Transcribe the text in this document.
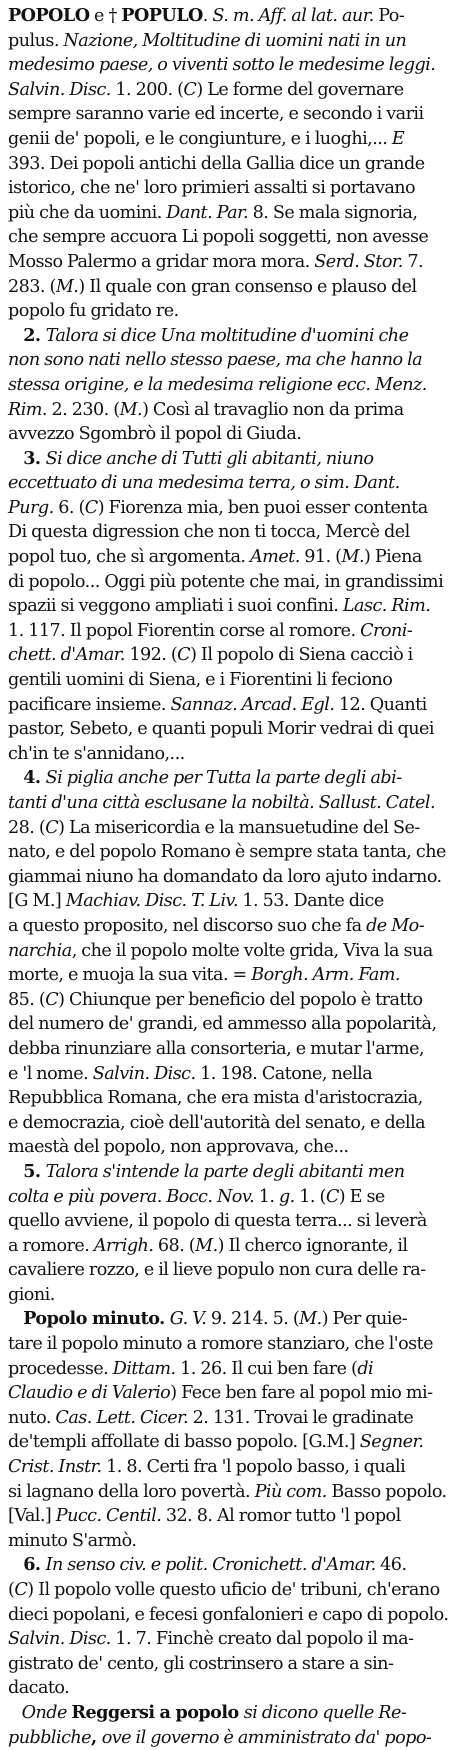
POPOLO e † POPULO. S. m. Aff. al lat. aur. Po-
pulus. Nazione, Moltitudine di uomini nati in un
medesimo paese, o viventi sotto le medesime leggi.
Salvin. Disc. 1. 200. (C) Le forme del governare
sempre saranno varie ed incerte, e secondo i varii
genii de' popoli, e le congiunture, e i luoghi,... E
393. Dei popoli antichi della Gallia dice un grande
istorico, che ne' loro primieri assalti si portavano
più che da uomini. Dant. Par. 8. Se mala signoria,
che sempre accuora Li popoli soggetti, non avesse
Mosso Palermo a gridar mora mora. Serd. Stor. 7.
283. (M.) Il quale con gran consenso e plauso del
popolo fu gridato re.
2. Talora si dice Una moltitudine d'uomini che
non sono nati nello stesso paese, ma che hanno la
stessa origine, e la medesima religione ecc. Menz.
Rim. 2. 230. (M.) Così al travaglio non da prima
avvezzo Sgombrò il popol di Giuda.
3. Si dice anche di Tutti gli abitanti, niuno
eccettuato di una medesima terra, o sim. Dant.
Purg. 6. (C) Fiorenza mia, ben puoi esser contenta
Di questa digression che non ti tocca, Mercè del
popol tuo, che sì argomenta. Amet. 91. (M.) Piena
di popolo... Oggi più potente che mai, in grandissimi
spazii si veggono ampliati i suoi confini. Lasc. Rim.
1. 117. Il popol Fiorentin corse al romore. Croni-
chett. d'Amar. 192. (C) Il popolo di Siena cacciò i
gentili uomini di Siena, e i Fiorentini li feciono
pacificare insieme. Sannaz. Arcad. Egl. 12. Quanti
pastor, Sebeto, e quanti populi Morir vedrai di quei
ch'in te s'annidano,...
4. Si piglia anche per Tutta la parte degli abi-
tanti d'una città esclusane la nobiltà. Sallust. Catel.
28. (C) La misericordia e la mansuetudine del Se-
nato, e del popolo Romano è sempre stata tanta, che
giammai niuno ha domandato da loro ajuto indarno.
[G M.] Machiav. Disc. T. Liv. 1. 53. Dante dice
a questo proposito, nel discorso suo che fa de Mo-
narchia, che il popolo molte volte grida, Viva la sua
morte, e muoja la sua vita. = Borgh. Arm. Fam.
85. (C) Chiunque per beneficio del popolo è tratto
del numero de' grandi, ed ammesso alla popolarità,
debba rinunziare alla consorteria, e mutar l'arme,
e 'l nome. Salvin. Disc. 1. 198. Catone, nella
Repubblica Romana, che era mista d'aristocrazia,
e democrazia, cioè dell'autorità del senato, e della
maestà del popolo, non approvava, che...
5. Talora s'intende la parte degli abitanti men
colta e più povera. Bocc. Nov. 1. g. 1. (C) E se
quello avviene, il popolo di questa terra... si leverà
a romore. Arrigh. 68. (M.) Il cherco ignorante, il
cavaliere rozzo, e il lieve populo non cura delle ra-
gioni.
Popolo minuto. G. V. 9. 214. 5. (M.) Per quie-
tare il popolo minuto a romore stanziaro, che l'oste
procedesse. Dittam. 1. 26. Il cui ben fare (di
Claudio e di Valerio) Fece ben fare al popol mio mi-
nuto. Cas. Lett. Cicer. 2. 131. Trovai le gradinate
de'templi affollate di basso popolo. [G.M.] Segner.
Crist. Instr. 1. 8. Certi fra 'l popolo basso, i quali
si lagnano della loro povertà. Più com. Basso popolo.
[Val.] Pucc. Centil. 32. 8. Al romor tutto 'l popol
minuto S'armò.
6. In senso civ. e polit. Cronichett. d'Amar. 46.
(C) Il popolo volle questo uficio de' tribuni, ch'erano
dieci popolani, e fecesi gonfalonieri e capo di popolo.
Salvin. Disc. 1. 7. Finchè creato dal popolo il ma-
gistrato de' cento, gli costrinsero a stare a sin-
dacato.
Onde Reggersi a popolo si dicono quelle Re-
pubbliche, ove il governo è amministrato da' popo-
